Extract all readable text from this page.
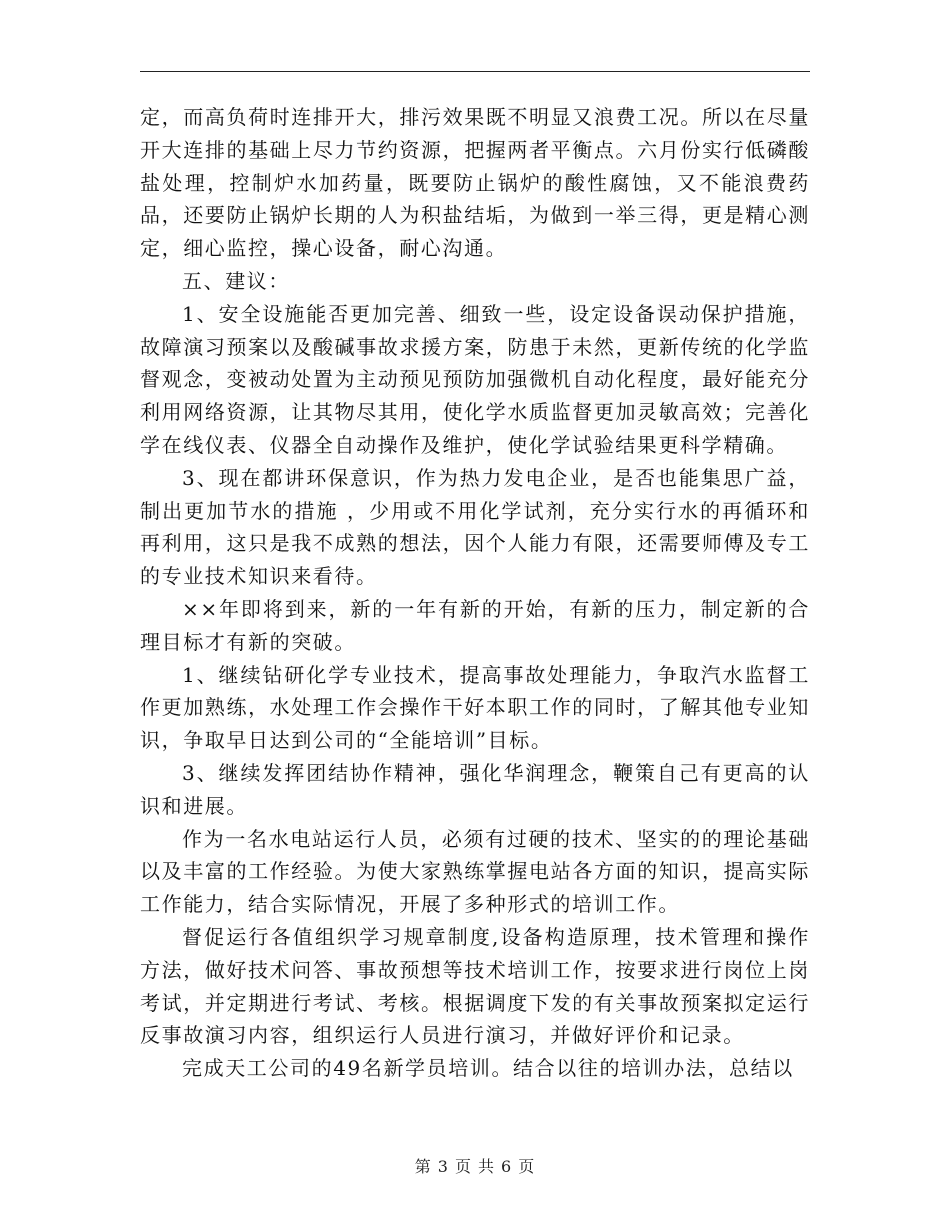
定，而高负荷时连排开大，排污效果既不明显又浪费工况。所以在尽量开大连排的基础上尽力节约资源，把握两者平衡点。六月份实行低磷酸盐处理，控制炉水加药量，既要防止锅炉的酸性腐蚀，又不能浪费药品，还要防止锅炉长期的人为积盐结垢，为做到一举三得，更是精心测定，细心监控，操心设备，耐心沟通。

五、建议：

1、安全设施能否更加完善、细致一些，设定设备误动保护措施，故障演习预案以及酸碱事故求援方案，防患于未然，更新传统的化学监督观念，变被动处置为主动预见预防加强微机自动化程度，最好能充分利用网络资源，让其物尽其用，使化学水质监督更加灵敏高效；完善化学在线仪表、仪器全自动操作及维护，使化学试验结果更科学精确。

3、现在都讲环保意识，作为热力发电企业，是否也能集思广益，制出更加节水的措施 ，少用或不用化学试剂，充分实行水的再循环和再利用，这只是我不成熟的想法，因个人能力有限，还需要师傅及专工的专业技术知识来看待。

××年即将到来，新的一年有新的开始，有新的压力，制定新的合理目标才有新的突破。

1、继续钻研化学专业技术，提高事故处理能力，争取汽水监督工作更加熟练，水处理工作会操作干好本职工作的同时，了解其他专业知识，争取早日达到公司的“全能培训”目标。

3、继续发挥团结协作精神，强化华润理念，鞭策自己有更高的认识和进展。

作为一名水电站运行人员，必须有过硬的技术、坚实的的理论基础以及丰富的工作经验。为使大家熟练掌握电站各方面的知识，提高实际工作能力，结合实际情况，开展了多种形式的培训工作。

督促运行各值组织学习规章制度,设备构造原理，技术管理和操作方法，做好技术问答、事故预想等技术培训工作，按要求进行岗位上岗考试，并定期进行考试、考核。根据调度下发的有关事故预案拟定运行反事故演习内容，组织运行人员进行演习，并做好评价和记录。

完成天工公司的49名新学员培训。结合以往的培训办法，总结以

第 3 页 共 6 页
